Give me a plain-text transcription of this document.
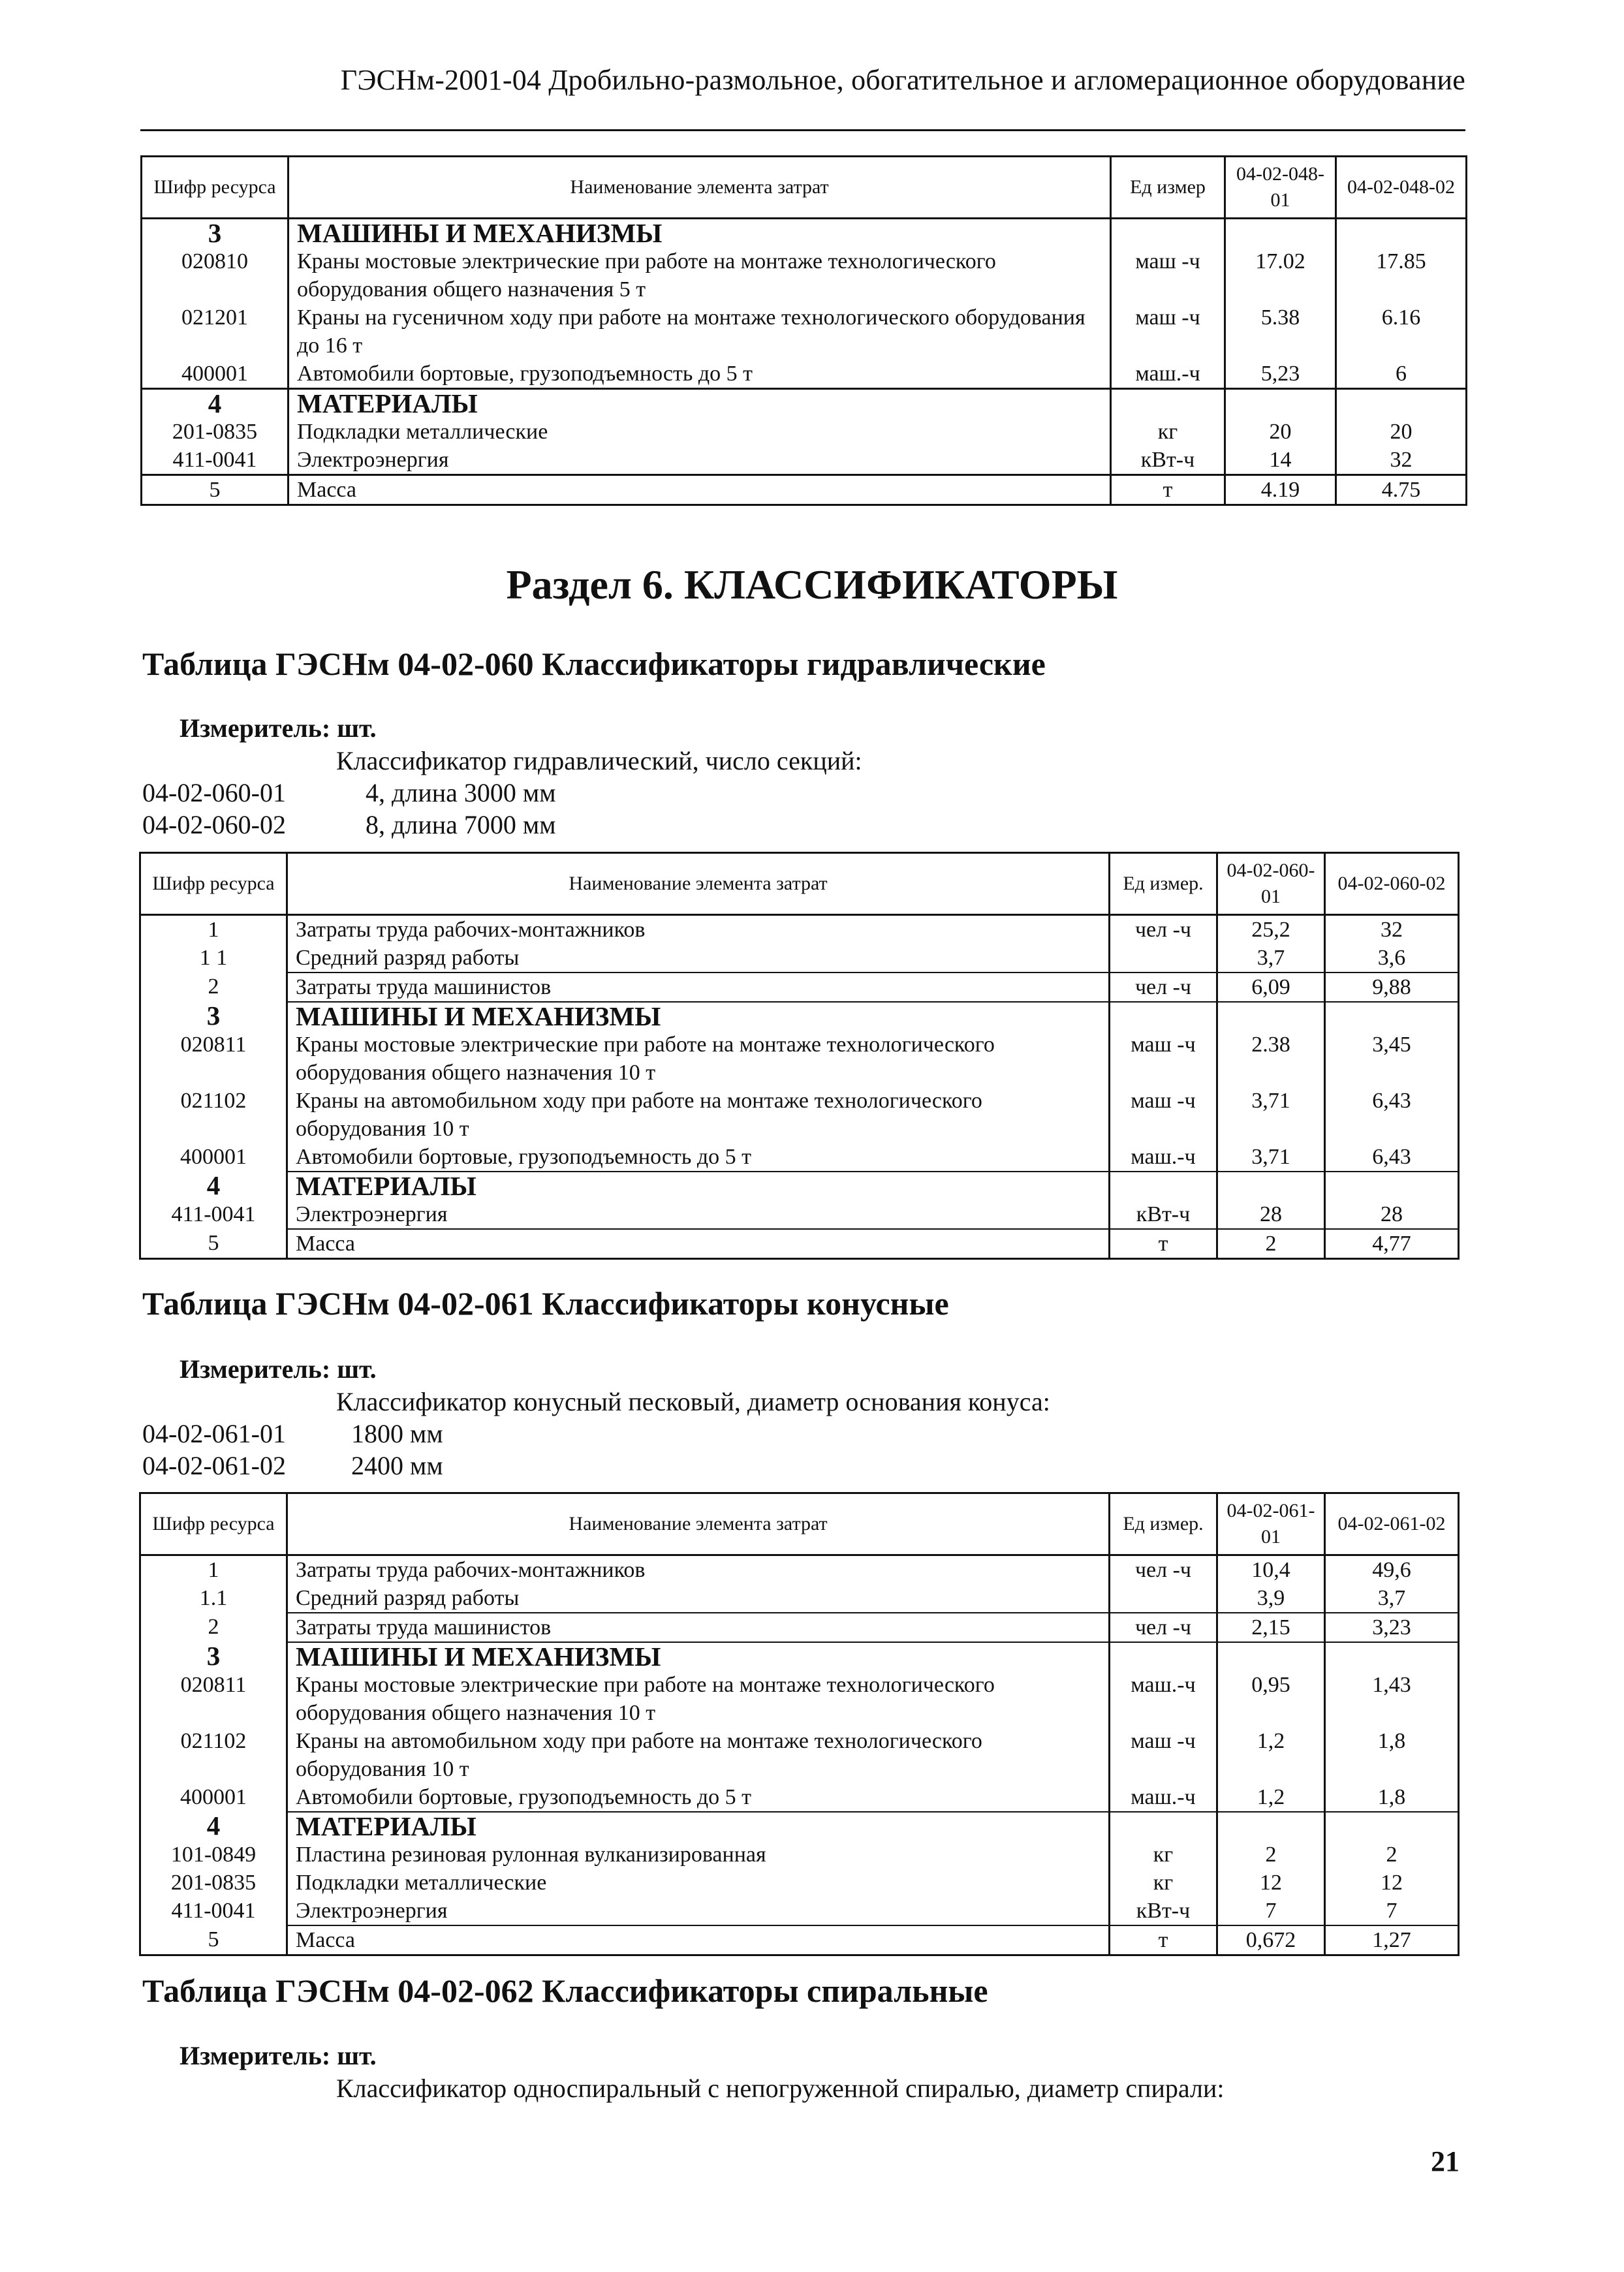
ГЭСНм-2001-04 Дробильно-размольное, обогатительное и агломерационное оборудование
Шифр ресурса	Наименование элемента затрат	Ед измер	04-02-048-01	04-02-048-02
3	МАШИНЫ И МЕХАНИЗМЫ			
020810	Краны мостовые электрические при работе на монтаже технологического оборудования общего назначения 5 т	маш -ч	17.02	17.85
021201	Краны на гусеничном ходу при работе на монтаже технологического оборудования до 16 т	маш -ч	5.38	6.16
400001	Автомобили бортовые, грузоподъемность до 5 т	маш.-ч	5,23	6
4	МАТЕРИАЛЫ			
201-0835	Подкладки металлические	кг	20	20
411-0041	Электроэнергия	кВт-ч	14	32
5	Масса	т	4.19	4.75
Раздел 6. КЛАССИФИКАТОРЫ
Таблица ГЭСНм 04-02-060 Классификаторы гидравлические
Измеритель: шт.
Классификатор гидравлический, число секций:
04-02-060-01	4, длина 3000 мм
04-02-060-02	8, длина 7000 мм
Шифр ресурса	Наименование элемента затрат	Ед измер.	04-02-060-01	04-02-060-02
1	Затраты труда рабочих-монтажников	чел -ч	25,2	32
1 1	Средний разряд работы		3,7	3,6
2	Затраты труда машинистов	чел -ч	6,09	9,88
3	МАШИНЫ И МЕХАНИЗМЫ			
020811	Краны мостовые электрические при работе на монтаже технологического оборудования общего назначения 10 т	маш -ч	2.38	3,45
021102	Краны на автомобильном ходу при работе на монтаже технологического оборудования 10 т	маш -ч	3,71	6,43
400001	Автомобили бортовые, грузоподъемность до 5 т	маш.-ч	3,71	6,43
4	МАТЕРИАЛЫ			
411-0041	Электроэнергия	кВт-ч	28	28
5	Масса	т	2	4,77
Таблица ГЭСНм 04-02-061 Классификаторы конусные
Измеритель: шт.
Классификатор конусный песковый, диаметр основания конуса:
04-02-061-01	1800 мм
04-02-061-02	2400 мм
Шифр ресурса	Наименование элемента затрат	Ед измер.	04-02-061-01	04-02-061-02
1	Затраты труда рабочих-монтажников	чел -ч	10,4	49,6
1.1	Средний разряд работы		3,9	3,7
2	Затраты труда машинистов	чел -ч	2,15	3,23
3	МАШИНЫ И МЕХАНИЗМЫ			
020811	Краны мостовые электрические при работе на монтаже технологического оборудования общего назначения 10 т	маш.-ч	0,95	1,43
021102	Краны на автомобильном ходу при работе на монтаже технологического оборудования 10 т	маш -ч	1,2	1,8
400001	Автомобили бортовые, грузоподъемность до 5 т	маш.-ч	1,2	1,8
4	МАТЕРИАЛЫ			
101-0849	Пластина резиновая рулонная вулканизированная	кг	2	2
201-0835	Подкладки металлические	кг	12	12
411-0041	Электроэнергия	кВт-ч	7	7
5	Масса	т	0,672	1,27
Таблица ГЭСНм 04-02-062 Классификаторы спиральные
Измеритель: шт.
Классификатор односпиральный с непогруженной спиралью, диаметр спирали:
21
